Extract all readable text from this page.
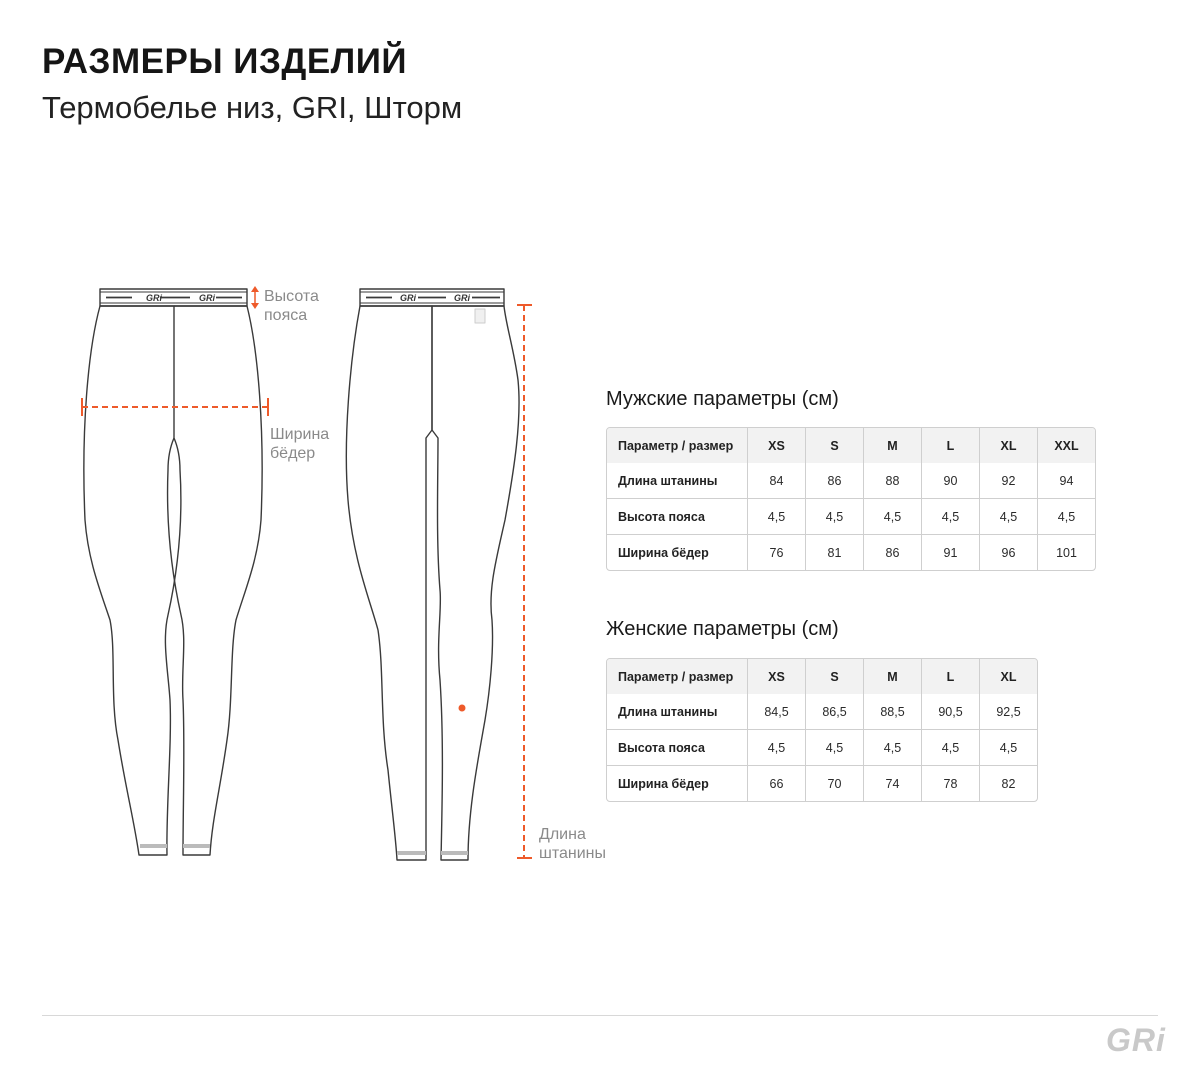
РАЗМЕРЫ ИЗДЕЛИЙ
Термобелье низ, GRI, Шторм
GRi	GRi	GRi	GRi
Высота
пояса
Ширина
бёдер
Длина
штанины
Мужские параметры (см)
Параметр / размер	XS	S	M	L	XL	XXL
Длина штанины	84	86	88	90	92	94
Высота пояса	4,5	4,5	4,5	4,5	4,5	4,5
Ширина бёдер	76	81	86	91	96	101
Женские параметры (см)
Параметр / размер	XS	S	M	L	XL
Длина штанины	84,5	86,5	88,5	90,5	92,5
Высота пояса	4,5	4,5	4,5	4,5	4,5
Ширина бёдер	66	70	74	78	82
GRi
